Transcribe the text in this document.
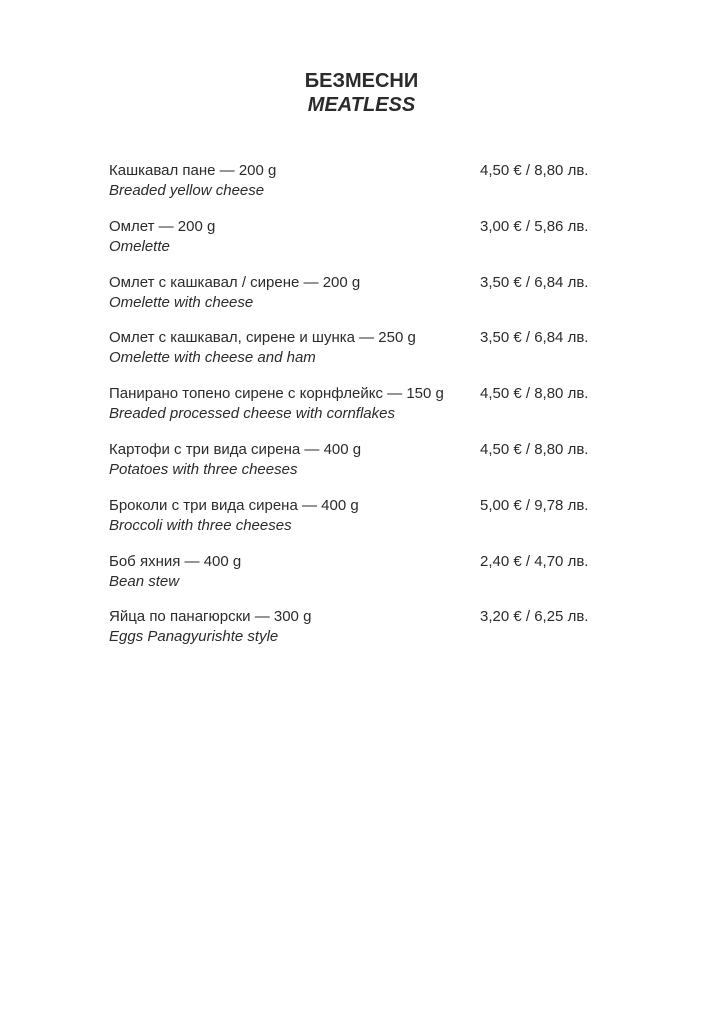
БЕЗМЕСНИ
MEATLESS
Кашкавал пане — 200 g
Breaded yellow cheese
4,50 € / 8,80 лв.
Омлет — 200 g
Omelette
3,00 € / 5,86 лв.
Омлет с кашкавал / сирене — 200 g
Omelette with cheese
3,50 € / 6,84 лв.
Омлет с кашкавал, сирене и шунка — 250 g
Omelette with cheese and ham
3,50 € / 6,84 лв.
Панирано топено сирене с корнфлейкс — 150 g
Breaded processed cheese with cornflakes
4,50 € / 8,80 лв.
Картофи с три вида сирена — 400 g
Potatoes with three cheeses
4,50 € / 8,80 лв.
Броколи с три вида сирена — 400 g
Broccoli with three cheeses
5,00 € / 9,78 лв.
Боб яхния — 400 g
Bean stew
2,40 € / 4,70 лв.
Яйца по панагюрски — 300 g
Eggs Panagyurishte style
3,20 € / 6,25 лв.
